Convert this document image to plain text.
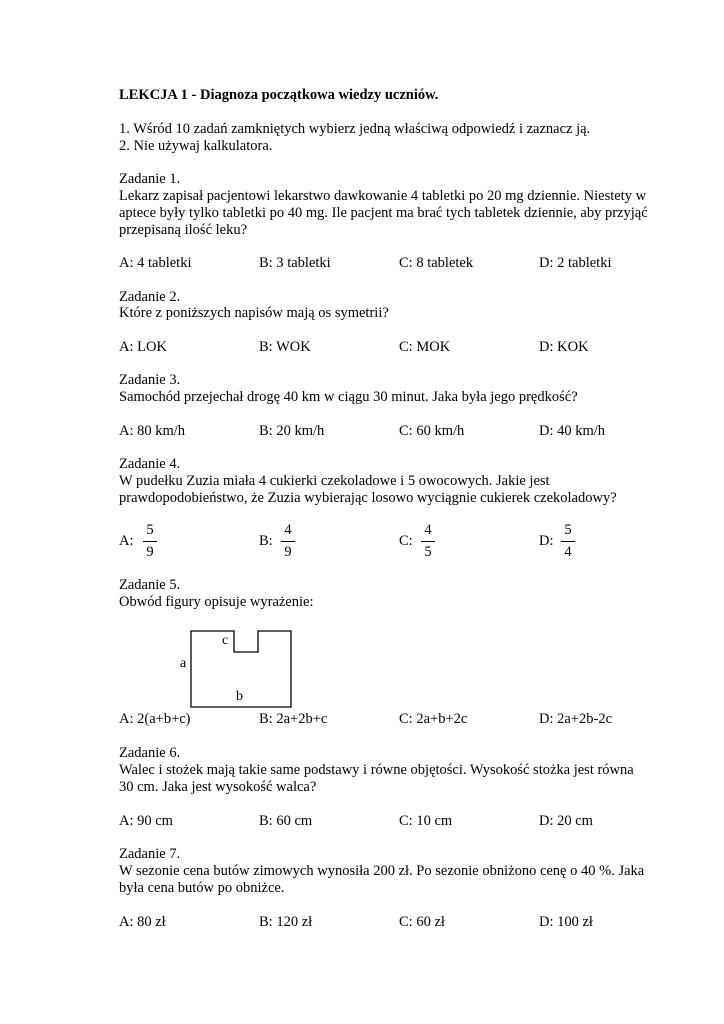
LEKCJA 1 - Diagnoza początkowa wiedzy uczniów.
1. Wśród 10 zadań zamkniętych wybierz jedną właściwą odpowiedź i zaznacz ją.
2. Nie używaj kalkulatora.
Zadanie 1.
Lekarz zapisał pacjentowi lekarstwo dawkowanie 4 tabletki po 20 mg dziennie. Niestety w
aptece były tylko tabletki po 40 mg. Ile pacjent ma brać tych tabletek dziennie, aby przyjąć
przepisaną ilość leku?
A: 4 tabletki	B: 3 tabletki	C: 8 tabletek	D: 2 tabletki
Zadanie 2.
Które z poniższych napisów mają os symetrii?
A: LOK	B: WOK	C: MOK	D: KOK
Zadanie 3.
Samochód przejechał drogę 40 km w ciągu 30 minut. Jaka była jego prędkość?
A: 80 km/h	B: 20 km/h	C: 60 km/h	D: 40 km/h
Zadanie 4.
W pudełku Zuzia miała 4 cukierki czekoladowe i 5 owocowych. Jakie jest
prawdopodobieństwo, że Zuzia wybierając losowo wyciągnie cukierek czekoladowy?
A:
5
9
B:
4
9
C:
4
5
D:
5
4
Zadanie 5.
Obwód figury opisuje wyrażenie:
c
a
b
A: 2(a+b+c)	B: 2a+2b+c	C: 2a+b+2c	D: 2a+2b-2c
Zadanie 6.
Walec i stożek mają takie same podstawy i równe objętości. Wysokość stożka jest równa
30 cm. Jaka jest wysokość walca?
A: 90 cm	B: 60 cm	C: 10 cm	D: 20 cm
Zadanie 7.
W sezonie cena butów zimowych wynosiła 200 zł. Po sezonie obniżono cenę o 40 %. Jaka
była cena butów po obniżce.
A: 80 zł	B: 120 zł	C: 60 zł	D: 100 zł
